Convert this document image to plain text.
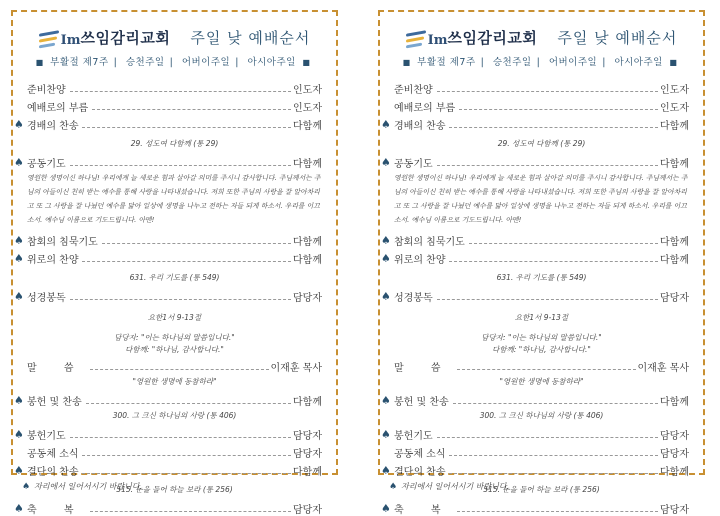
Im 쓰임감리교회 주일 낮 예배순서
■ 부활절 제7주 | 승천주일 | 어버이주일 | 아시아주일 ■
준비찬양	인도자
예배로의 부름	인도자
♠ 경배의 찬송	다함께
29. 성도여 다함께 (통 29)
♠ 공동기도	다함께
영원한 생명이신 하나님! 우리에게 늘 새로운 힘과 살아갈 의미를 주시니 감사합니다. 주님께서는 주님의 아들이신 친히 받는 예수를 통해 사랑을 나타내셨습니다. 저희 또한 주님의 사랑을 잘 알아차리고 또 그 사랑을 잘 나눴던 예수를 닮아 일상에 생명을 나누고 전하는 자들 되게 하소서. 우리를 이끄소서. 예수님 이름으로 기도드립니다. 아멘!
♠ 참회의 침묵기도	다함께
♠ 위로의 찬양	다함께
631. 우리 기도를 (통 549)
♠ 성경봉독	담당자
요한1서 9-13절
담당자: "이는 하나님의 말씀입니다."
다함께: "하나님, 감사합니다."
말 씀	이재훈 목사
"영원한 생명에 동참하라"
♠ 봉헌 및 찬송	다함께
300. 그 크신 하나님의 사랑 (통 406)
♠ 봉헌기도	담당자
공동체 소식	담당자
♠ 결단의 찬송	다함께
515. 눈을 들어 하늘 보라 (통 256)
♠ 축 복	담당자
Im 쓰임감리교회 주일 낮 예배순서
■ 부활절 제7주 | 승천주일 | 어버이주일 | 아시아주일 ■
준비찬양	인도자
예배로의 부름	인도자
♠ 경배의 찬송	다함께
29. 성도여 다함께 (통 29)
♠ 공동기도	다함께
영원한 생명이신 하나님! 우리에게 늘 새로운 힘과 살아갈 의미를 주시니 감사합니다. 주님께서는 주님의 아들이신 친히 받는 예수를 통해 사랑을 나타내셨습니다. 저희 또한 주님의 사랑을 잘 알아차리고 또 그 사랑을 잘 나눴던 예수를 닮아 일상에 생명을 나누고 전하는 자들 되게 하소서. 우리를 이끄소서. 예수님 이름으로 기도드립니다. 아멘!
♠ 참회의 침묵기도	다함께
♠ 위로의 찬양	다함께
631. 우리 기도를 (통 549)
♠ 성경봉독	담당자
요한1서 9-13절
담당자: "이는 하나님의 말씀입니다."
다함께: "하나님, 감사합니다."
말 씀	이재훈 목사
"영원한 생명에 동참하라"
♠ 봉헌 및 찬송	다함께
300. 그 크신 하나님의 사랑 (통 406)
♠ 봉헌기도	담당자
공동체 소식	담당자
♠ 결단의 찬송	다함께
515. 눈을 들어 하늘 보라 (통 256)
♠ 축 복	담당자
♠ 자리에서 일어서시기 바랍니다.	♠ 자리에서 일어서시기 바랍니다.
